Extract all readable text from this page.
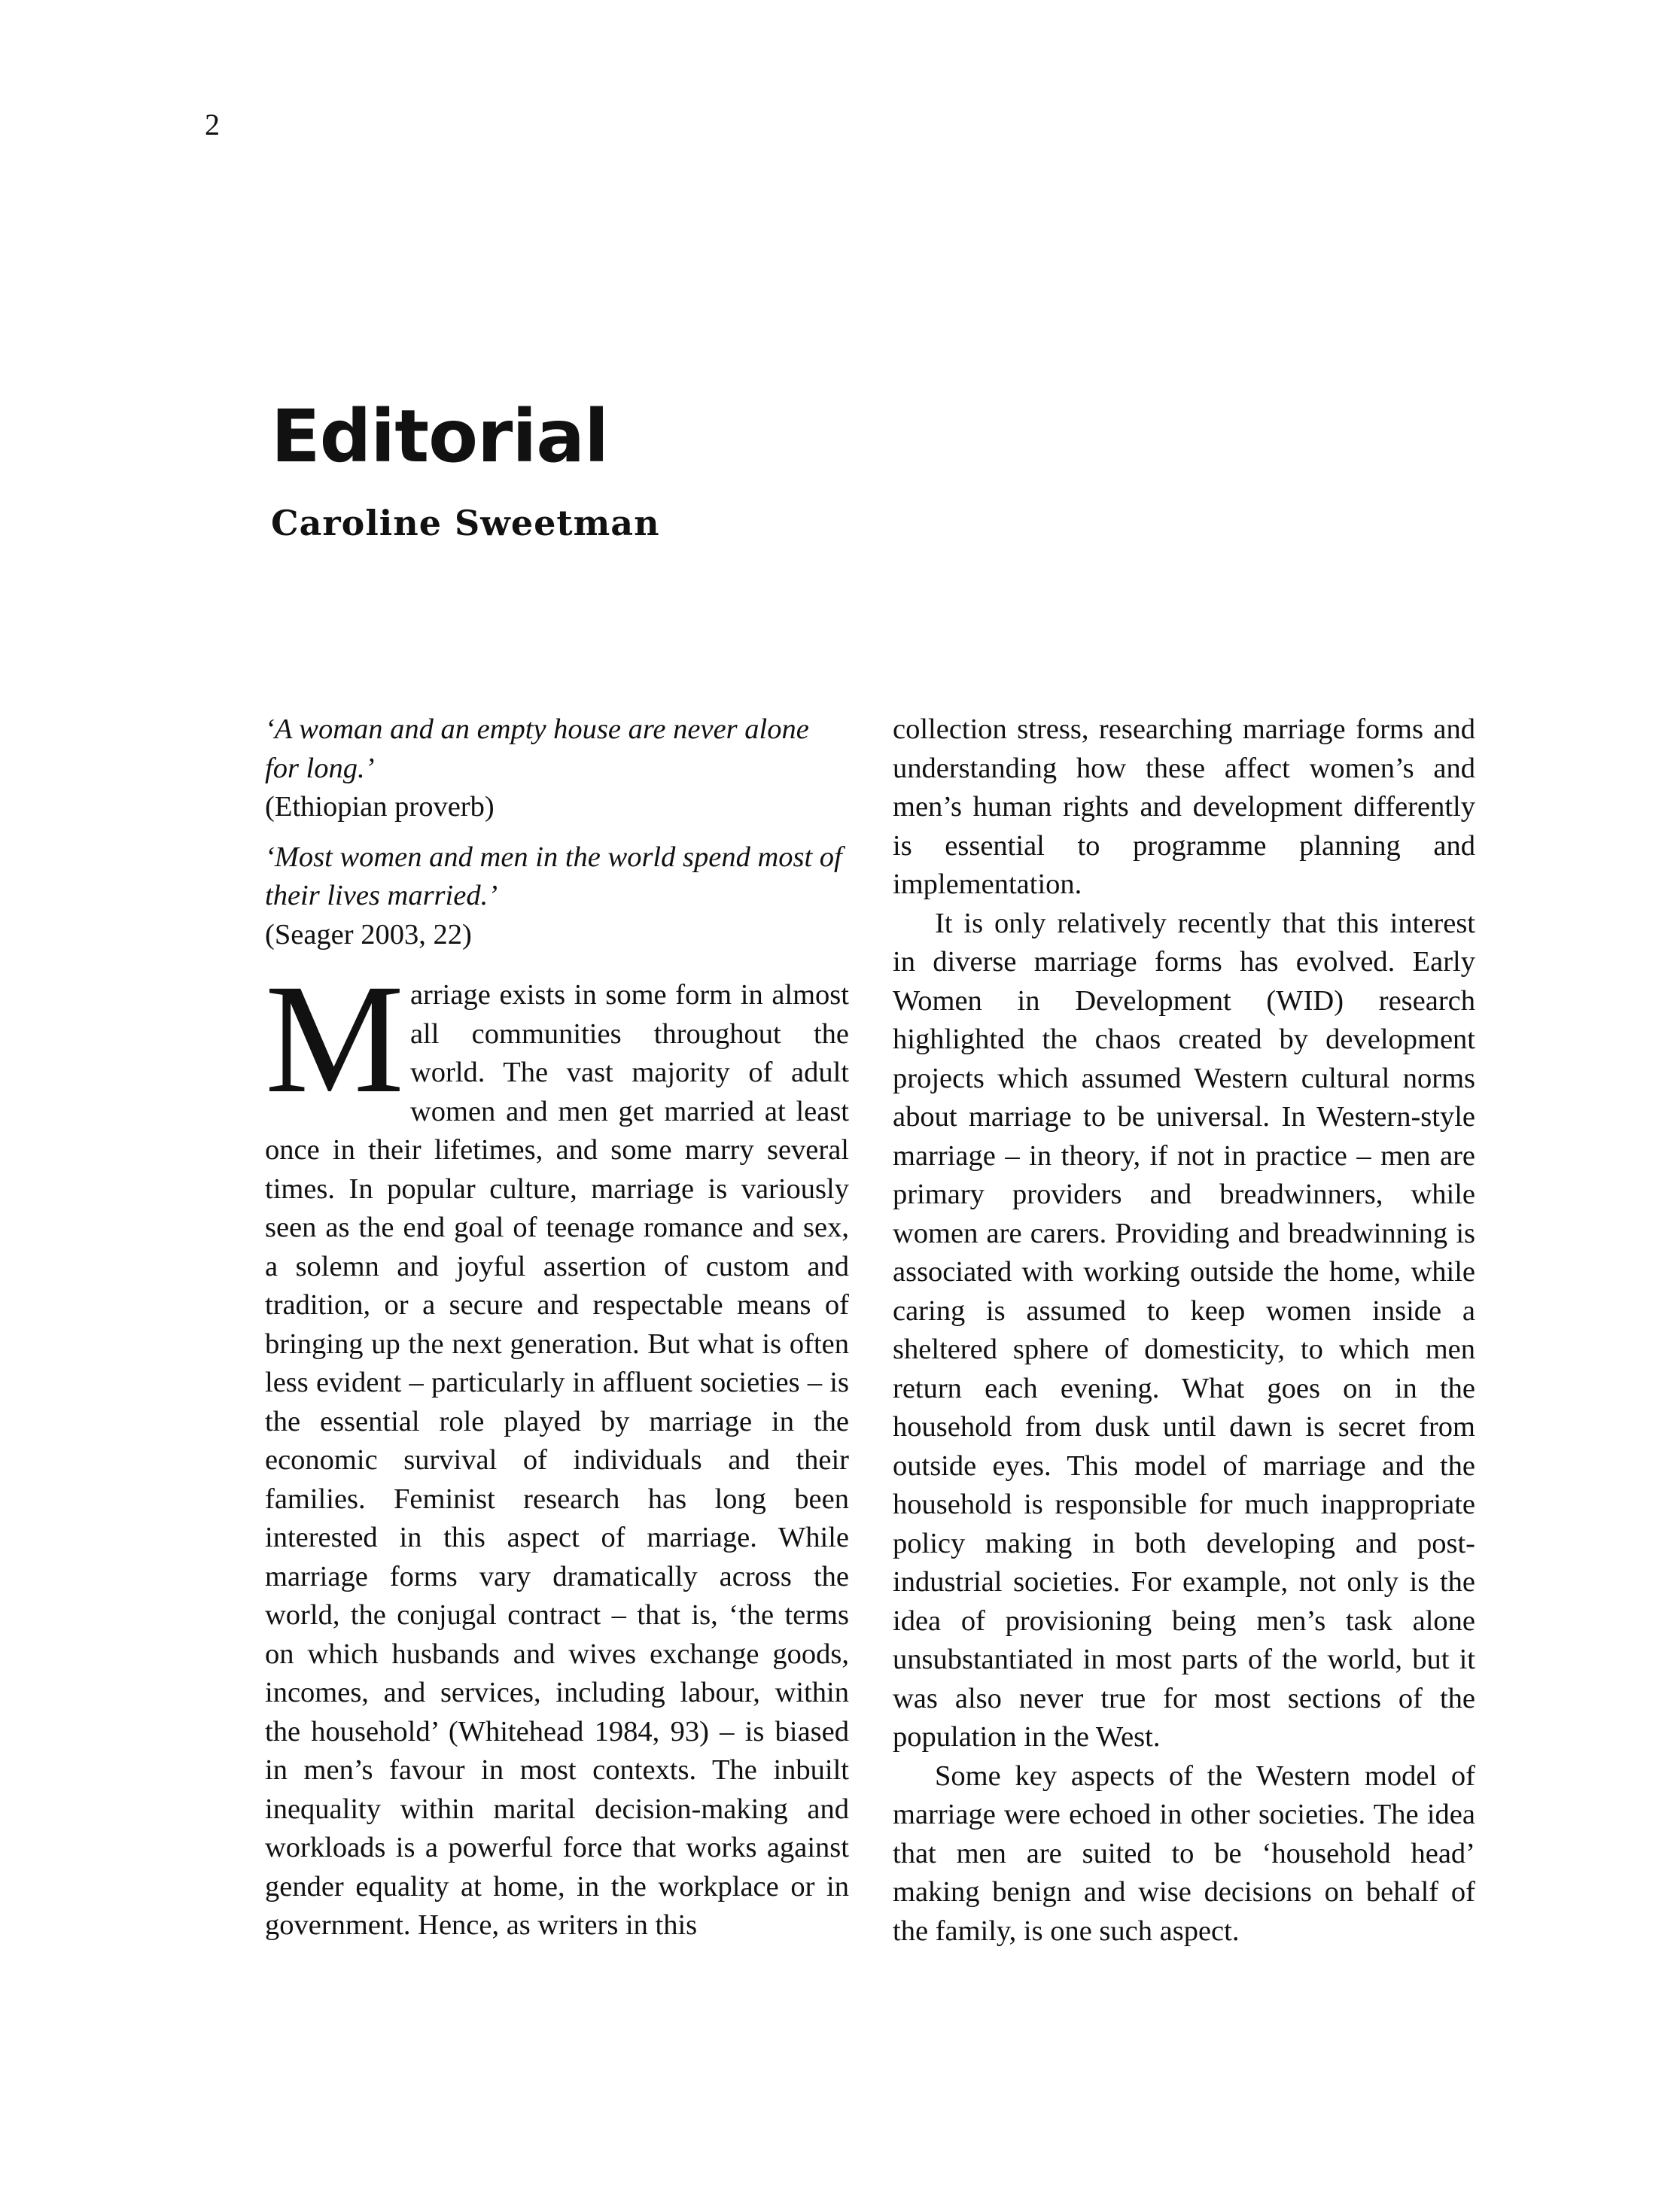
2
Editorial
Caroline Sweetman

‘A woman and an empty house are never alone for long.’

(Ethiopian proverb)

‘Most women and men in the world spend most of their lives married.’

(Seager 2003, 22)

Marriage exists in some form in almost all communities throughout the world. The vast majority of adult women and men get married at least once in their lifetimes, and some marry several times. In popular culture, marriage is variously seen as the end goal of teenage romance and sex, a solemn and joyful assertion of custom and tradition, or a secure and respectable means of bringing up the next generation. But what is often less evident – particularly in affluent societies – is the essential role played by marriage in the economic survival of individuals and their families. Feminist research has long been interested in this aspect of marriage. While marriage forms vary dramatically across the world, the conjugal contract – that is, ‘the terms on which husbands and wives exchange goods, incomes, and services, including labour, within the household’ (Whitehead 1984, 93) – is biased in men’s favour in most contexts. The inbuilt inequality within marital decision-making and workloads is a powerful force that works against gender equality at home, in the workplace or in government. Hence, as writers in this

collection stress, researching marriage forms and understanding how these affect women’s and men’s human rights and development differently is essential to programme planning and implementation.

It is only relatively recently that this interest in diverse marriage forms has evolved. Early Women in Development (WID) research highlighted the chaos created by development projects which assumed Western cultural norms about marriage to be universal. In Western-style marriage – in theory, if not in practice – men are primary providers and breadwinners, while women are carers. Providing and breadwinning is associated with working outside the home, while caring is assumed to keep women inside a sheltered sphere of domesticity, to which men return each evening. What goes on in the household from dusk until dawn is secret from outside eyes. This model of marriage and the household is responsible for much inappropriate policy making in both developing and post-industrial societies. For example, not only is the idea of provisioning being men’s task alone unsubstantiated in most parts of the world, but it was also never true for most sections of the population in the West.

Some key aspects of the Western model of marriage were echoed in other societies. The idea that men are suited to be ‘household head’ making benign and wise decisions on behalf of the family, is one such aspect.
